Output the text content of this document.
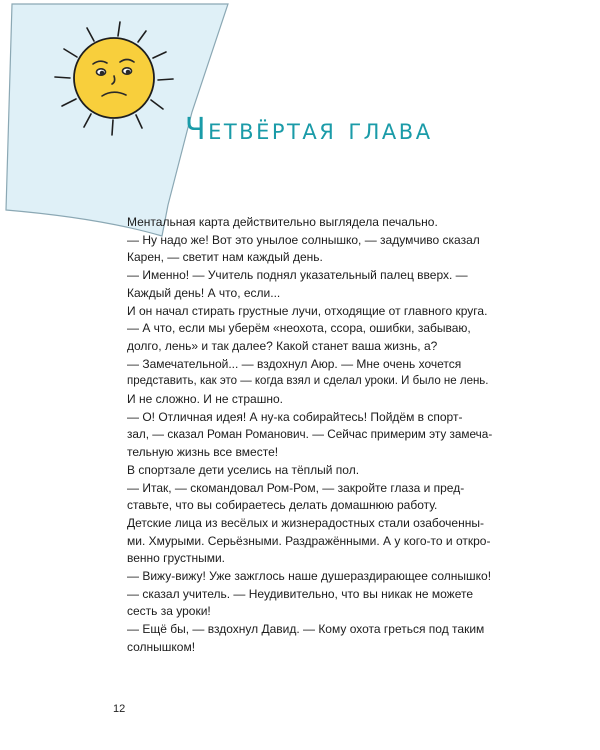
Четвёртая глава

Ментальная карта действительно выглядела печально.

— Ну надо же! Вот это унылое солнышко, — задумчиво сказал

Карен, — светит нам каждый день.

— Именно! — Учитель поднял указательный палец вверх. —

Каждый день! А что, если...

И он начал стирать грустные лучи, отходящие от главного круга.

— А что, если мы уберём «неохота, ссора, ошибки, забываю,

долго, лень» и так далее? Какой станет ваша жизнь, а?

— Замечательной... — вздохнул Аюр. — Мне очень хочется

представить, как это — когда взял и сделал уроки. И было не лень.

И не сложно. И не страшно.

— О! Отличная идея! А ну-ка собирайтесь! Пойдём в спорт-

зал, — сказал Роман Романович. — Сейчас примерим эту замеча-

тельную жизнь все вместе!

В спортзале дети уселись на тёплый пол.

— Итак, — скомандовал Ром-Ром, — закройте глаза и пред-

ставьте, что вы собираетесь делать домашнюю работу.

Детские лица из весёлых и жизнерадостных стали озабоченны-

ми. Хмурыми. Серьёзными. Раздражёнными. А у кого-то и откро-

венно грустными.

— Вижу-вижу! Уже зажглось наше душераздирающее солнышко!

— сказал учитель. — Неудивительно, что вы никак не можете

сесть за уроки!

— Ещё бы, — вздохнул Давид. — Кому охота греться под таким

солнышком!

12
